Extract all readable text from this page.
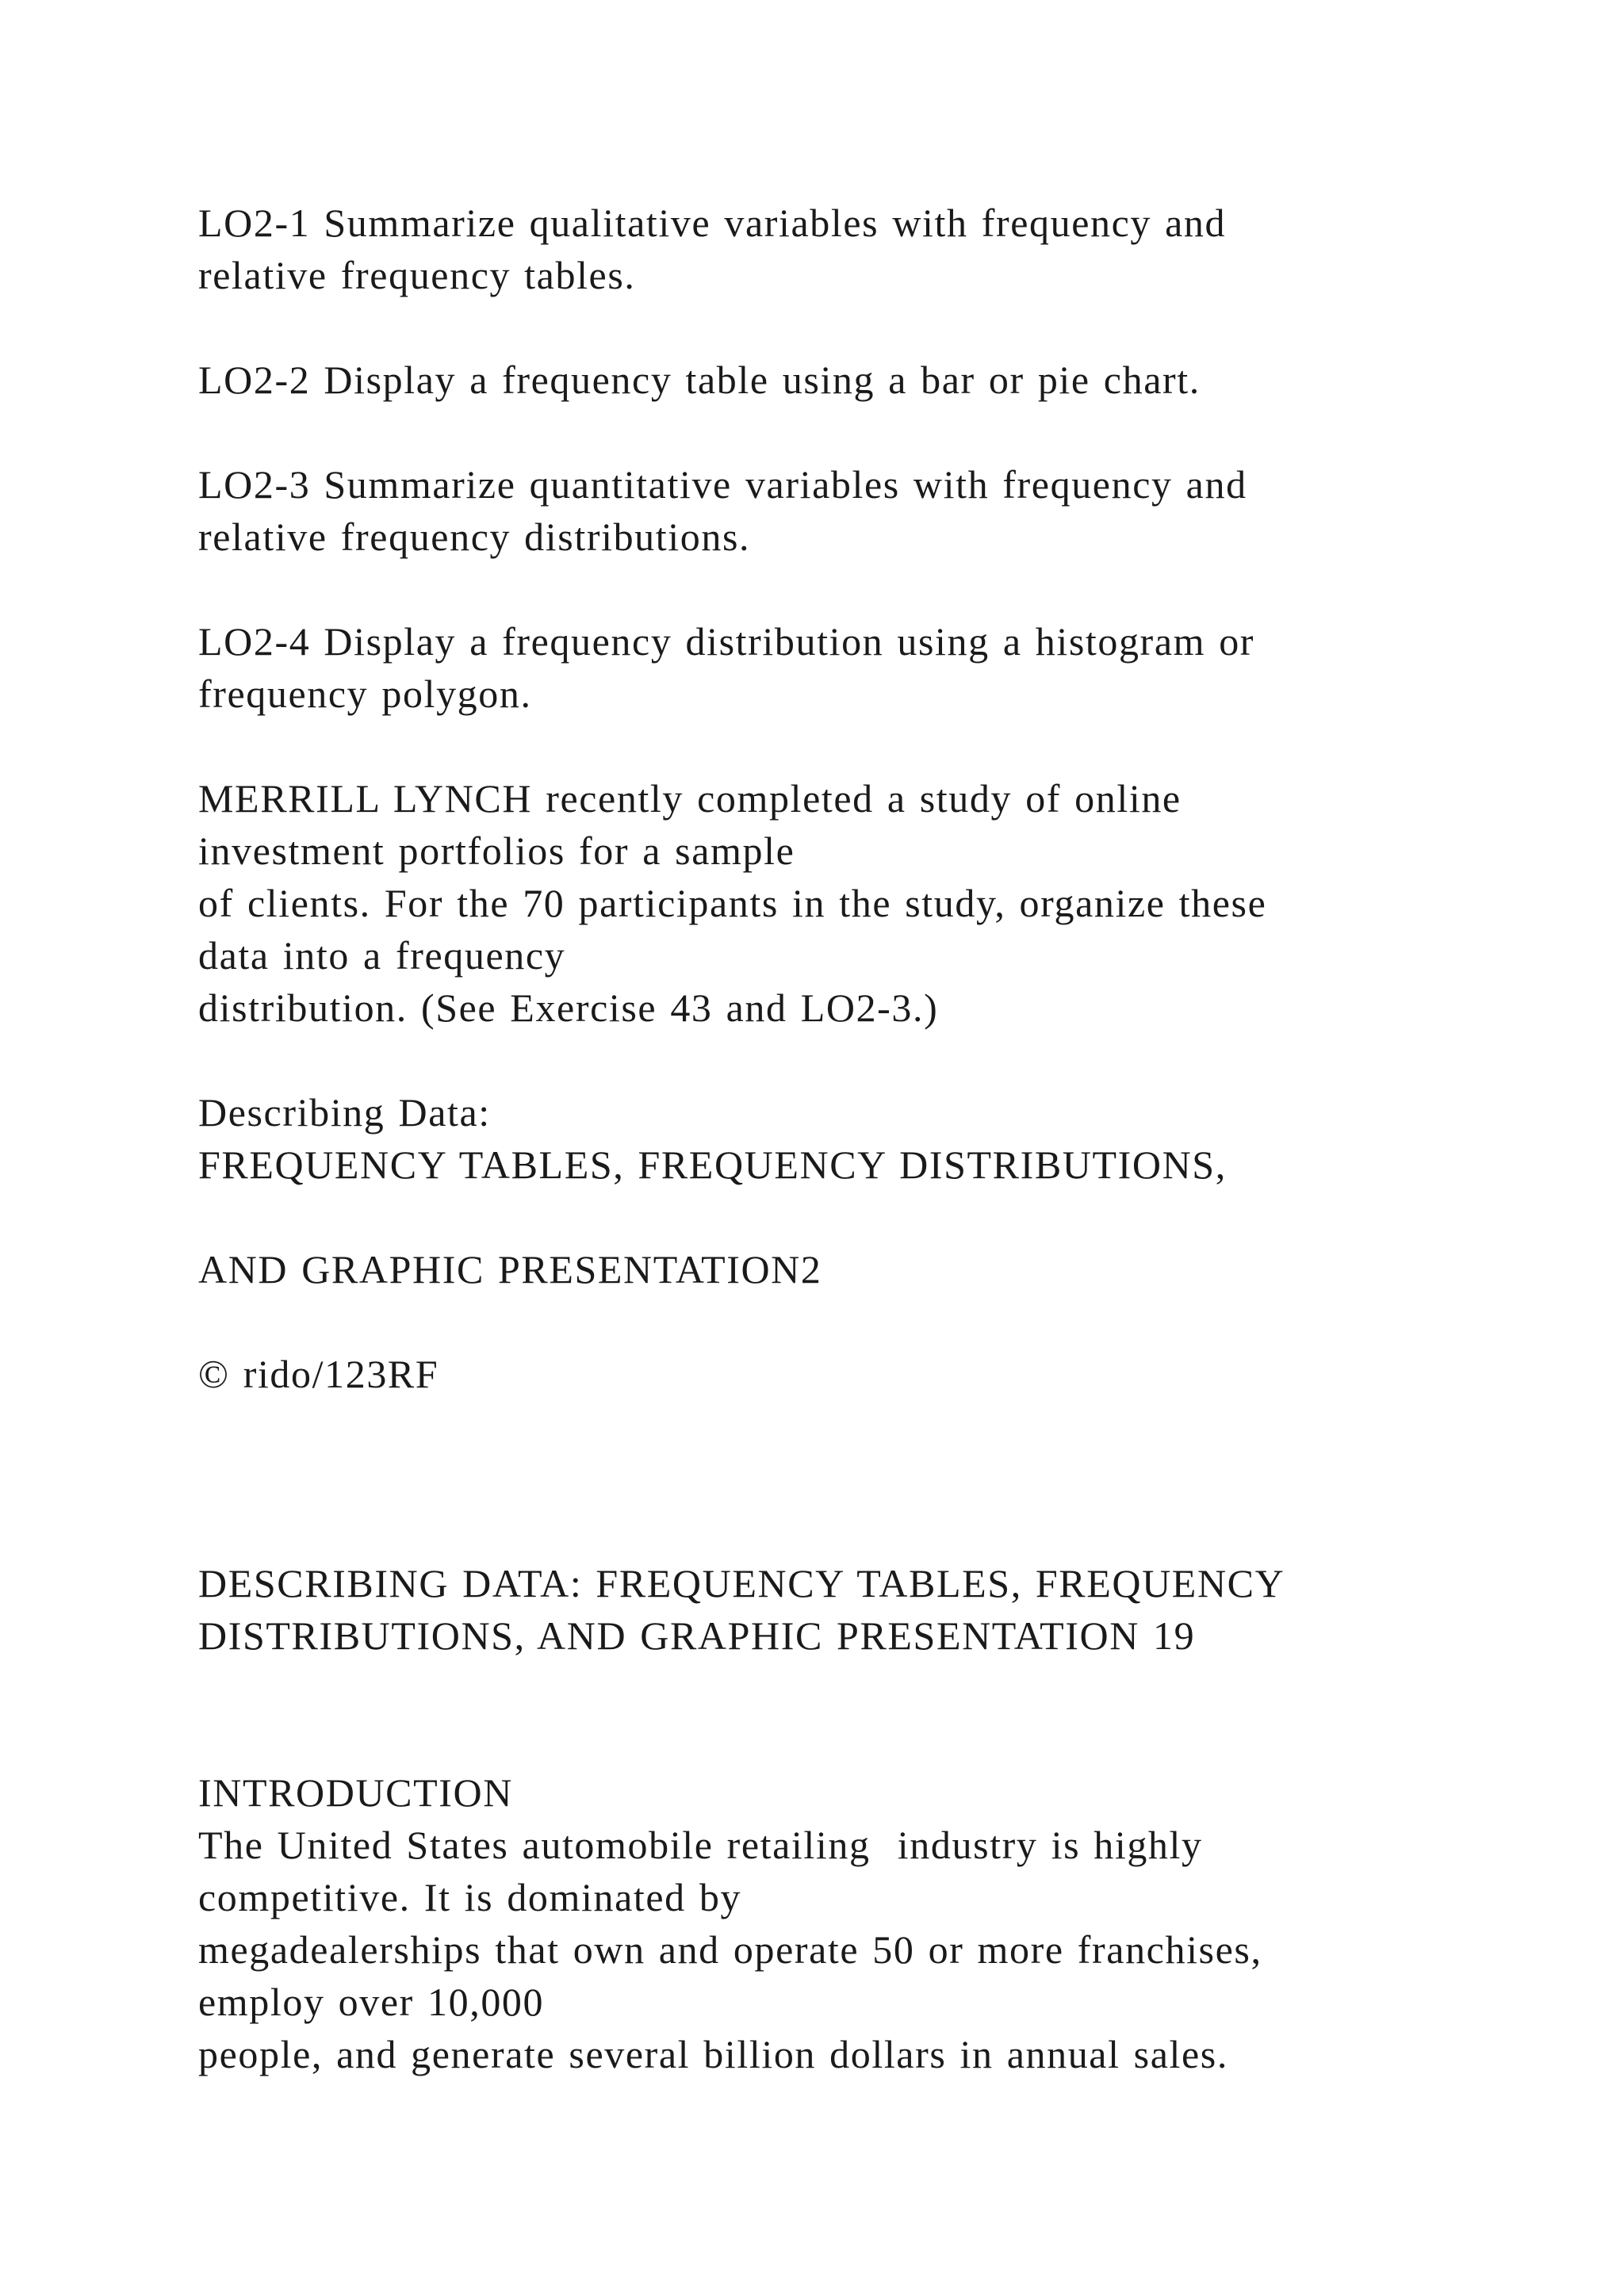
LO2-1 Summarize qualitative variables with frequency and
relative frequency tables.
LO2-2 Display a frequency table using a bar or pie chart.
LO2-3 Summarize quantitative variables with frequency and
relative frequency distributions.
LO2-4 Display a frequency distribution using a histogram or
frequency polygon.
MERRILL LYNCH recently completed a study of online
investment portfolios for a sample
of clients. For the 70 participants in the study, organize these
data into a frequency
distribution. (See Exercise 43 and LO2-3.)
Describing Data:
FREQUENCY TABLES, FREQUENCY DISTRIBUTIONS,
AND GRAPHIC PRESENTATION2
© rido/123RF
DESCRIBING DATA: FREQUENCY TABLES, FREQUENCY
DISTRIBUTIONS, AND GRAPHIC PRESENTATION 19
INTRODUCTION
The United States automobile retailing  industry is highly
competitive. It is dominated by
megadealerships that own and operate 50 or more franchises,
employ over 10,000
people, and generate several billion dollars in annual sales.
